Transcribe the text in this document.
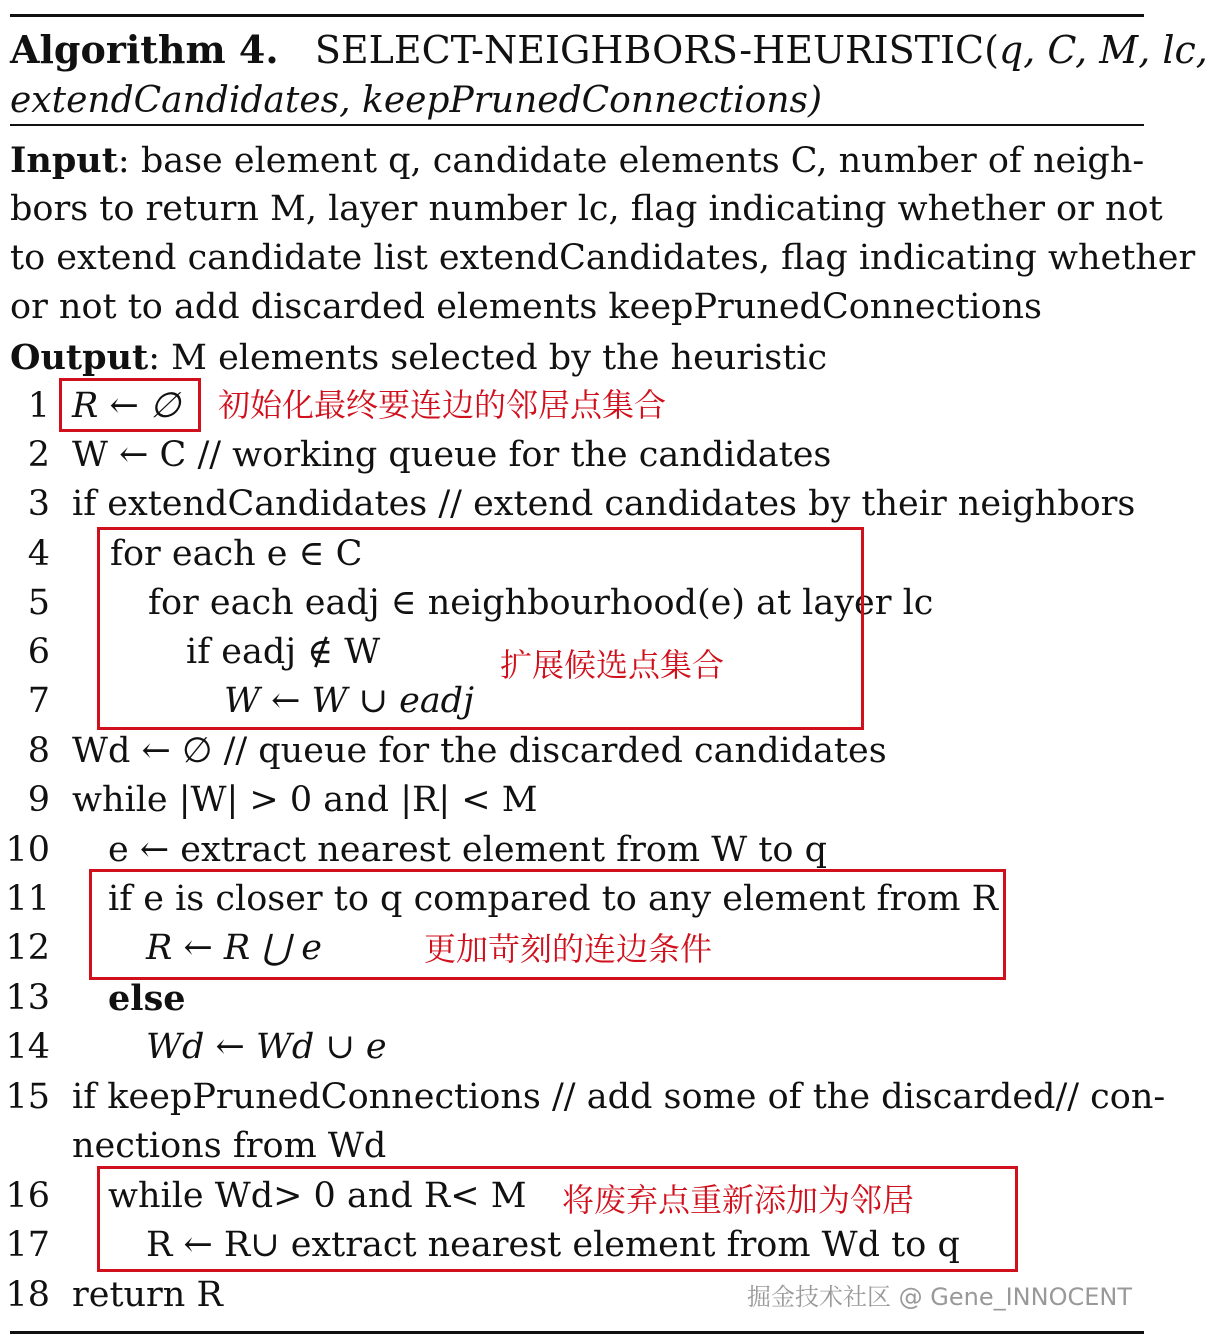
Algorithm 4. SELECT-NEIGHBORS-HEURISTIC(q, C, M, lc,
extendCandidates, keepPrunedConnections)
Input: base element q, candidate elements C, number of neigh-
bors to return M, layer number lc, flag indicating whether or not
to extend candidate list extendCandidates, flag indicating whether
or not to add discarded elements keepPrunedConnections
Output: M elements selected by the heuristic
1 R ← ∅
2 W ← C // working queue for the candidates
3 if extendCandidates // extend candidates by their neighbors
4 for each e ∈ C
5	for each eadj ∈ neighbourhood(e) at layer lc
6	if eadj ∉ W
7	W ← W ∪ eadj
8 Wd ← ∅ // queue for the discarded candidates
9 while |W| > 0 and |R| < M
10 e ← extract nearest element from W to q
11 if e is closer to q compared to any element from R
12	R ← R ⋃ e
13 else
14	Wd ← Wd ∪ e
15 if keepPrunedConnections // add some of the discarded// con-
nections from Wd
16 while Wd> 0 and R< M
17	R ← R∪ extract nearest element from Wd to q
18 return R
初始化最终要连边的邻居点集合
扩展候选点集合
更加苛刻的连边条件
将废弃点重新添加为邻居
掘金技术社区 @ Gene_INNOCENT
